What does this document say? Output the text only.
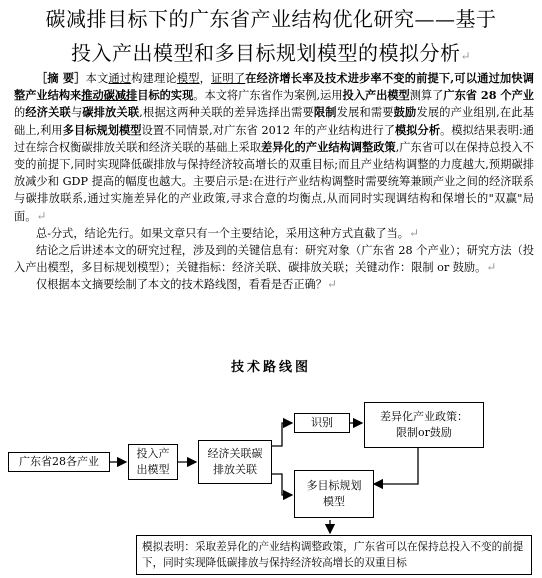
碳减排目标下的广东省产业结构优化研究——基于
投入产出模型和多目标规划模型的模拟分析↵

［摘 要］本文通过构建理论模型，证明了在经济增长率及技术进步率不变的前提下,可以通过加快调整产业结构来推动碳减排目标的实现。本文将广东省作为案例,运用投入产出模型测算了广东省 28 个产业的经济关联与碳排放关联,根据这两种关联的差异选择出需要限制发展和需要鼓励发展的产业组别,在此基础上,利用多目标规划模型设置不同情景,对广东省 2012 年的产业结构进行了模拟分析。模拟结果表明:通过在综合权衡碳排放关联和经济关联的基础上采取差异化的产业结构调整政策,广东省可以在保持总投入不变的前提下,同时实现降低碳排放与保持经济较高增长的双重目标;而且产业结构调整的力度越大,预期碳排放减少和 GDP 提高的幅度也越大。主要启示是:在进行产业结构调整时需要统筹兼顾产业之间的经济联系与碳排放联系,通过实施差异化的产业政策,寻求合意的均衡点,从而同时实现调结构和保增长的"双赢"局面。↵

总-分式，结论先行。如果文章只有一个主要结论，采用这种方式直截了当。↵

结论之后讲述本文的研究过程，涉及到的关键信息有：研究对象（广东省 28 个产业）；研究方法（投入产出模型，多目标规划模型）；关键指标：经济关联、碳排放关联；关键动作：限制 or 鼓励。↵

仅根据本文摘要绘制了本文的技术路线图，看看是否正确？↵

技术路线图
广东省28各产业
投入产出模型
经济关联碳排放关联
识别	差异化产业政策：
限制or鼓励
多目标规划模型
模拟表明：采取差异化的产业结构调整政策，广东省可以在保持总投入不变的前提下，同时实现降低碳排放与保持经济较高增长的双重目标
